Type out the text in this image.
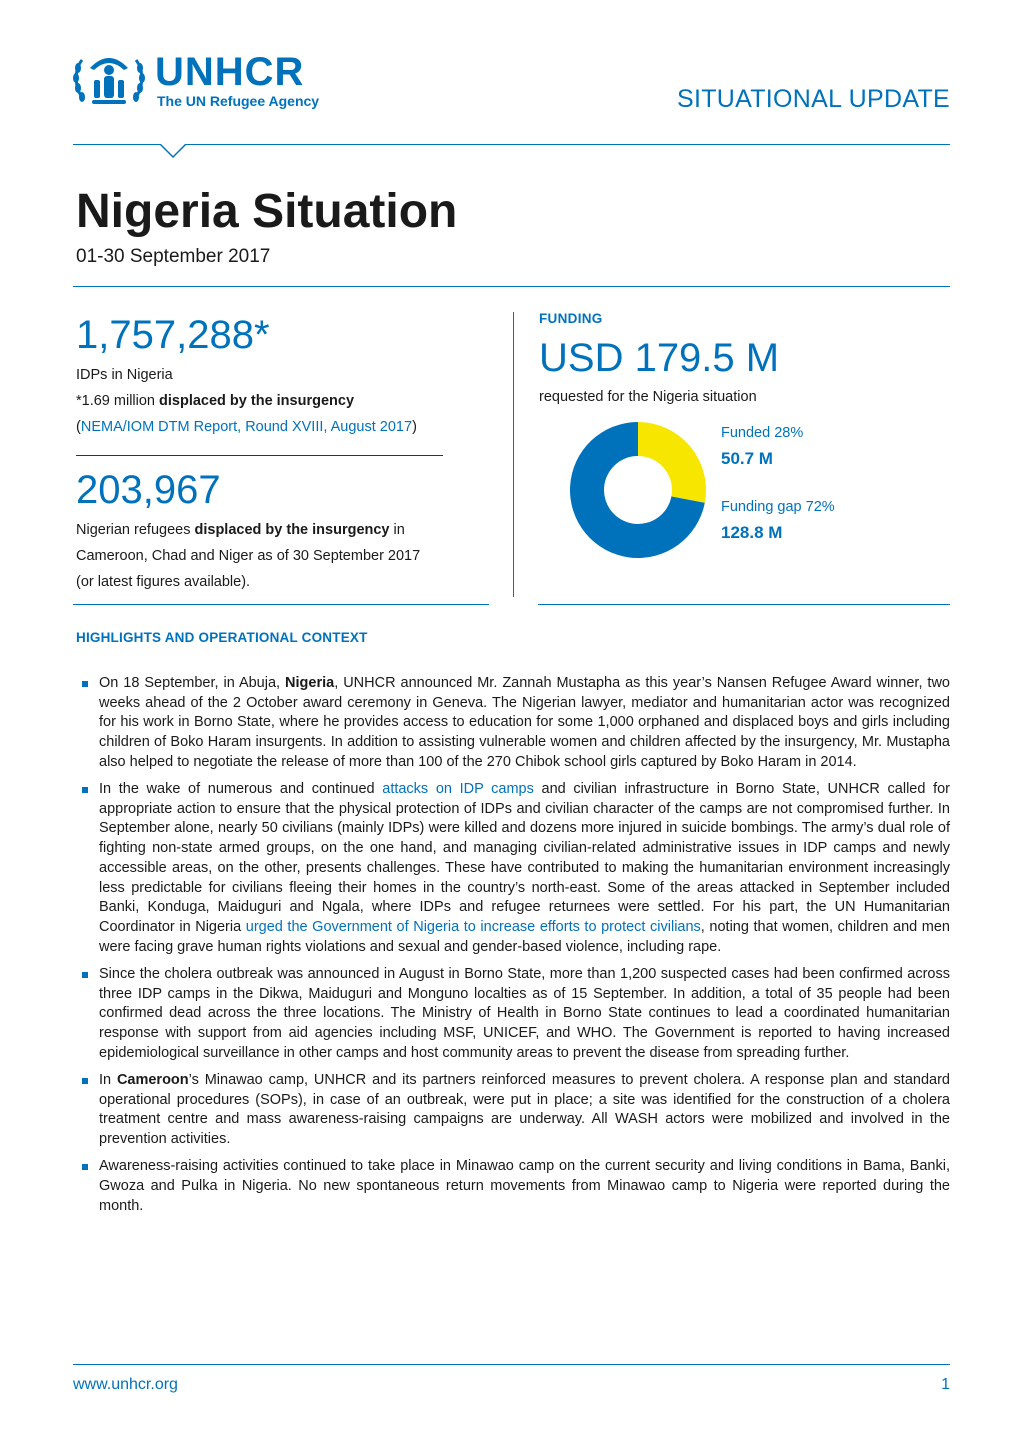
UNHCR
The UN Refugee Agency	SITUATIONAL UPDATE
Nigeria Situation
01-30 September 2017
1,757,288*
IDPs in Nigeria
*1.69 million displaced by the insurgency
(NEMA/IOM DTM Report, Round XVIII, August 2017)
203,967
Nigerian refugees displaced by the insurgency in
Cameroon, Chad and Niger as of 30 September 2017
(or latest figures available).
FUNDING
USD 179.5 M
requested for the Nigeria situation
Funded 28%
50.7 M
Funding gap 72%
128.8 M
HIGHLIGHTS AND OPERATIONAL CONTEXT
On 18 September, in Abuja, Nigeria, UNHCR announced Mr. Zannah Mustapha as this year’s Nansen Refugee Award winner, two weeks ahead of the 2 October award ceremony in Geneva. The Nigerian lawyer, mediator and humanitarian actor was recognized for his work in Borno State, where he provides access to education for some 1,000 orphaned and displaced boys and girls including children of Boko Haram insurgents. In addition to assisting vulnerable women and children affected by the insurgency, Mr. Mustapha also helped to negotiate the release of more than 100 of the 270 Chibok school girls captured by Boko Haram in 2014.
In the wake of numerous and continued attacks on IDP camps and civilian infrastructure in Borno State, UNHCR called for appropriate action to ensure that the physical protection of IDPs and civilian character of the camps are not compromised further. In September alone, nearly 50 civilians (mainly IDPs) were killed and dozens more injured in suicide bombings. The army’s dual role of fighting non-state armed groups, on the one hand, and managing civilian-related administrative issues in IDP camps and newly accessible areas, on the other, presents challenges. These have contributed to making the humanitarian environment increasingly less predictable for civilians fleeing their homes in the country’s north-east. Some of the areas attacked in September included Banki, Konduga, Maiduguri and Ngala, where IDPs and refugee returnees were settled. For his part, the UN Humanitarian Coordinator in Nigeria urged the Government of Nigeria to increase efforts to protect civilians, noting that women, children and men were facing grave human rights violations and sexual and gender-based violence, including rape.
Since the cholera outbreak was announced in August in Borno State, more than 1,200 suspected cases had been confirmed across three IDP camps in the Dikwa, Maiduguri and Monguno localties as of 15 September. In addition, a total of 35 people had been confirmed dead across the three locations. The Ministry of Health in Borno State continues to lead a coordinated humanitarian response with support from aid agencies including MSF, UNICEF, and WHO. The Government is reported to having increased epidemiological surveillance in other camps and host community areas to prevent the disease from spreading further.
In Cameroon’s Minawao camp, UNHCR and its partners reinforced measures to prevent cholera. A response plan and standard operational procedures (SOPs), in case of an outbreak, were put in place; a site was identified for the construction of a cholera treatment centre and mass awareness-raising campaigns are underway. All WASH actors were mobilized and involved in the prevention activities.
Awareness-raising activities continued to take place in Minawao camp on the current security and living conditions in Bama, Banki, Gwoza and Pulka in Nigeria. No new spontaneous return movements from Minawao camp to Nigeria were reported during the month.
www.unhcr.org	1
